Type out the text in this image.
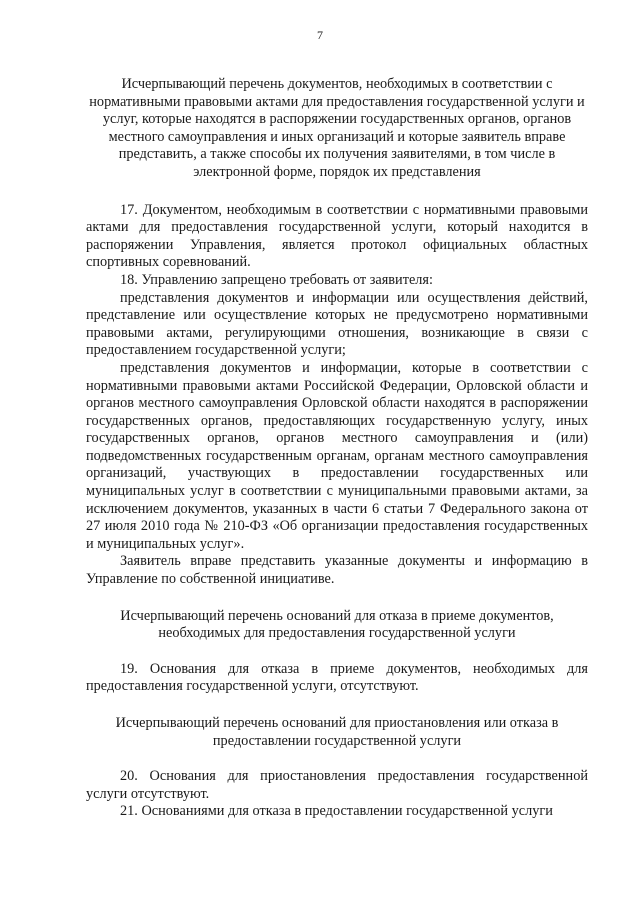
7

Исчерпывающий перечень документов, необходимых в соответствии с нормативными правовыми актами для предоставления государственной услуги и услуг, которые находятся в распоряжении государственных органов, органов местного самоуправления и иных организаций и которые заявитель вправе представить, а также способы их получения заявителями, в том числе в электронной форме, порядок их представления

17. Документом, необходимым в соответствии с нормативными правовыми актами для предоставления государственной услуги, который находится в распоряжении Управления, является протокол официальных областных спортивных соревнований.

18. Управлению запрещено требовать от заявителя:

представления документов и информации или осуществления действий, представление или осуществление которых не предусмотрено нормативными правовыми актами, регулирующими отношения, возникающие в связи с предоставлением государственной услуги;

представления документов и информации, которые в соответствии с нормативными правовыми актами Российской Федерации, Орловской области и органов местного самоуправления Орловской области находятся в распоряжении государственных органов, предоставляющих государственную услугу, иных государственных органов, органов местного самоуправления и (или) подведомственных государственным органам, органам местного самоуправления организаций, участвующих в предоставлении государственных или муниципальных услуг в соответствии с муниципальными правовыми актами, за исключением документов, указанных в части 6 статьи 7 Федерального закона от 27 июля 2010 года № 210-ФЗ «Об организации предоставления государственных и муниципальных услуг».

Заявитель вправе представить указанные документы и информацию в Управление по собственной инициативе.

Исчерпывающий перечень оснований для отказа в приеме документов, необходимых для предоставления государственной услуги

19. Основания для отказа в приеме документов, необходимых для предоставления государственной услуги, отсутствуют.

Исчерпывающий перечень оснований для приостановления или отказа в предоставлении государственной услуги

20. Основания для приостановления предоставления государственной услуги отсутствуют.

21. Основаниями для отказа в предоставлении государственной услуги
